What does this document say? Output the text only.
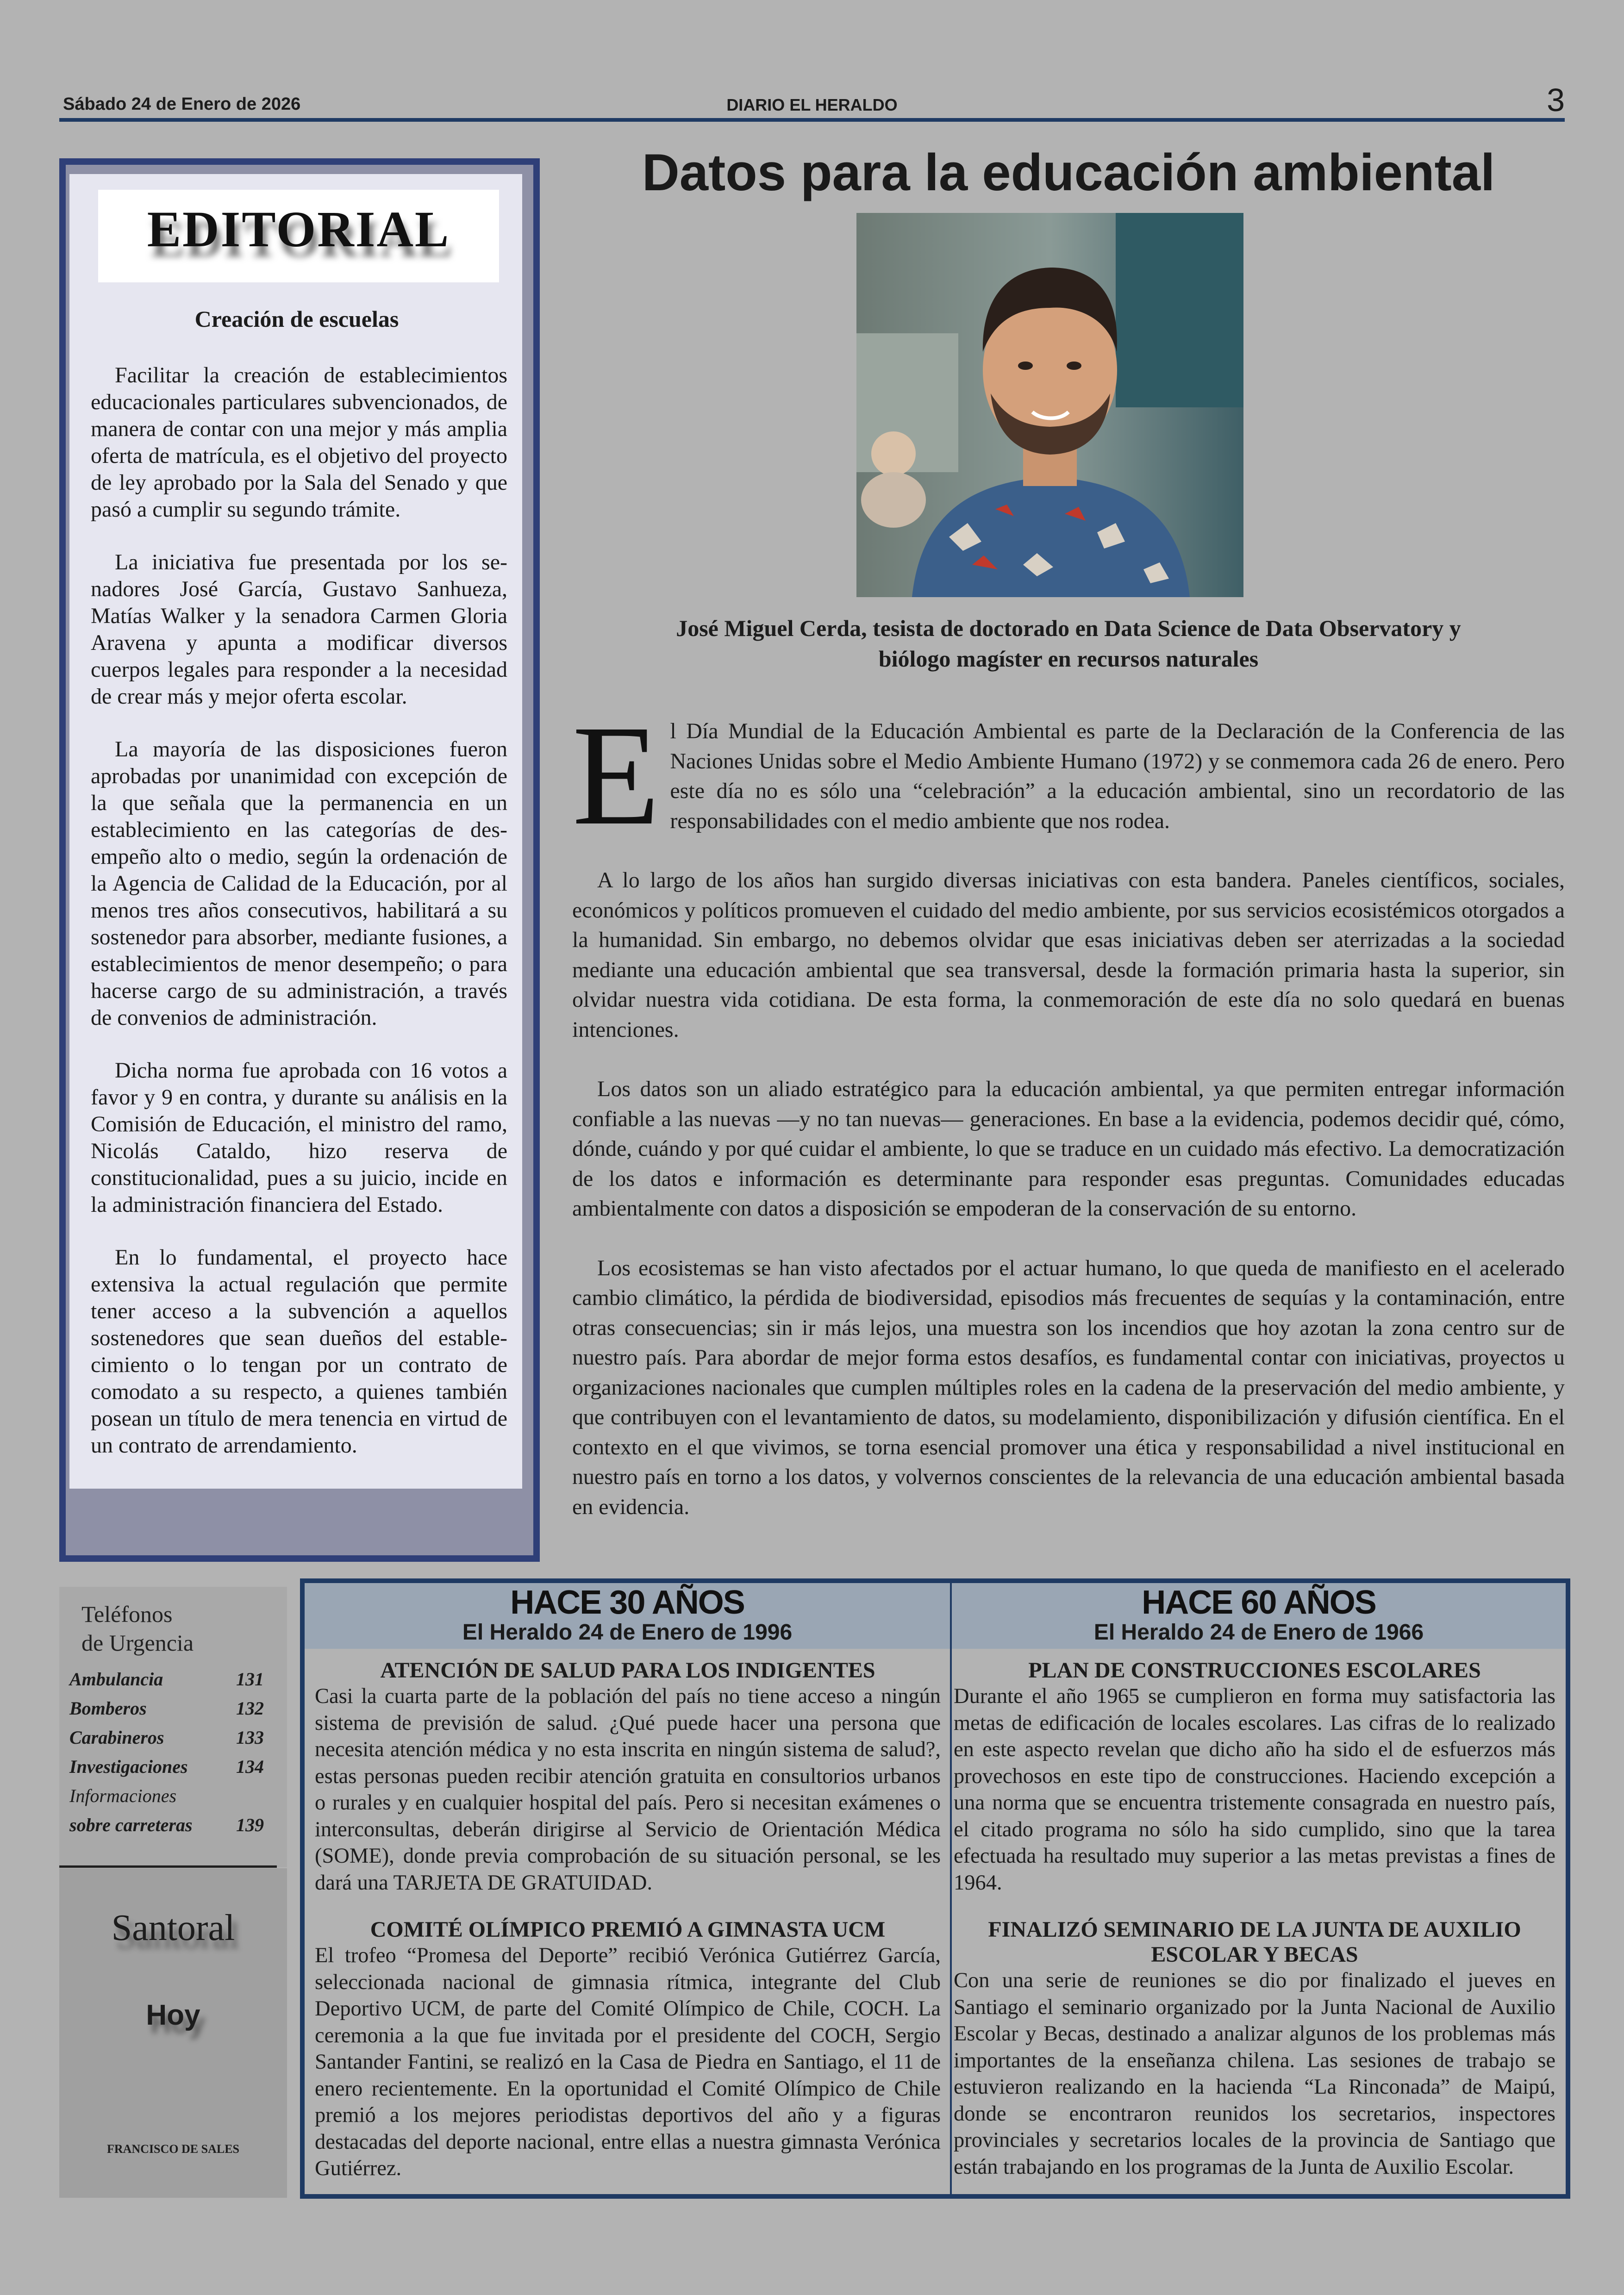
Sábado 24 de Enero de 2026	DIARIO EL HERALDO	3
EDITORIAL
Creación de escuelas

Facilitar la creación de establecimientos educacionales particulares subvencionados, de manera de contar con una mejor y más amplia oferta de matrícula, es el objetivo del proyecto de ley aprobado por la Sala del Senado y que pasó a cumplir su segundo trámite.

La iniciativa fue presentada por los senadores José García, Gustavo Sanhueza, Matías Walker y la senadora Carmen Gloria Aravena y apunta a modificar diversos cuerpos legales para responder a la necesidad de crear más y mejor oferta escolar.

La mayoría de las disposiciones fueron aprobadas por unanimidad con excepción de la que señala que la permanencia en un establecimiento en las categorías de desempeño alto o medio, según la ordenación de la Agencia de Calidad de la Educación, por al menos tres años consecutivos, habilitará a su sostenedor para absorber, mediante fusiones, a establecimientos de menor desempeño; o para hacerse cargo de su administración, a través de convenios de administración.

Dicha norma fue aprobada con 16 votos a favor y 9 en contra, y durante su análisis en la Comisión de Educación, el ministro del ramo, Nicolás Cataldo, hizo reserva de constitucionalidad, pues a su juicio, incide en la administración financiera del Estado.

En lo fundamental, el proyecto hace extensiva la actual regulación que permite tener acceso a la subvención a aquellos sostenedores que sean dueños del establecimiento o lo tengan por un contrato de comodato a su respecto, a quienes también posean un título de mera tenencia en virtud de un contrato de arrendamiento.

Datos para la educación ambiental
José Miguel Cerda, tesista de doctorado en Data Science de Data Observatory y biólogo magíster en recursos naturales

El Día Mundial de la Educación Ambiental es parte de la Declaración de la Conferencia de las Naciones Unidas sobre el Medio Ambiente Humano (1972) y se conmemora cada 26 de enero. Pero este día no es sólo una “celebración” a la educación ambiental, sino un recordatorio de las responsabilidades con el medio ambiente que nos rodea.

A lo largo de los años han surgido diversas iniciativas con esta bandera. Paneles científicos, sociales, económicos y políticos promueven el cuidado del medio ambiente, por sus servicios ecosistémicos otorgados a la humanidad. Sin embargo, no debemos olvidar que esas iniciativas deben ser aterrizadas a la sociedad mediante una educación ambiental que sea transversal, desde la formación primaria hasta la superior, sin olvidar nuestra vida cotidiana. De esta forma, la conmemoración de este día no solo quedará en buenas intenciones.

Los datos son un aliado estratégico para la educación ambiental, ya que permiten entregar información confiable a las nuevas —y no tan nuevas— generaciones. En base a la evidencia, podemos decidir qué, cómo, dónde, cuándo y por qué cuidar el ambiente, lo que se traduce en un cuidado más efectivo. La democratización de los datos e información es determinante para responder esas preguntas. Comunidades educadas ambientalmente con datos a disposición se empoderan de la conservación de su entorno.

Los ecosistemas se han visto afectados por el actuar humano, lo que queda de manifiesto en el acelerado cambio climático, la pérdida de biodiversidad, episodios más frecuentes de sequías y la contaminación, entre otras consecuencias; sin ir más lejos, una muestra son los incendios que hoy azotan la zona centro sur de nuestro país. Para abordar de mejor forma estos desafíos, es fundamental contar con iniciativas, proyectos u organizaciones nacionales que cumplen múltiples roles en la cadena de la preservación del medio ambiente, y que contribuyen con el levantamiento de datos, su modelamiento, disponibilización y difusión científica. En el contexto en el que vivimos, se torna esencial promover una ética y responsabilidad a nivel institucional en nuestro país en torno a los datos, y volvernos conscientes de la relevancia de una educación ambiental basada en evidencia.

Teléfonos
de Urgencia
Ambulancia	131
Bomberos	132
Carabineros	133
Investigaciones	134
Informaciones
sobre carreteras 139
Santoral
Hoy
FRANCISCO DE SALES
HACE 30 AÑOS
El Heraldo 24 de Enero de 1996
HACE 60 AÑOS
El Heraldo 24 de Enero de 1966
ATENCIÓN DE SALUD PARA LOS INDIGENTES

Casi la cuarta parte de la población del país no tiene acceso a ningún sistema de previsión de salud. ¿Qué puede hacer una persona que necesita atención médica y no esta inscrita en ningún sistema de salud?, estas personas pueden recibir atención gratuita en consultorios urbanos o rurales y en cualquier hospital del país. Pero si necesitan exámenes o interconsultas, deberán dirigirse al Servicio de Orientación Médica (SOME), donde previa comprobación de su situación personal, se les dará una TARJETA DE GRATUIDAD.

COMITÉ OLÍMPICO PREMIÓ A GIMNASTA UCM

El trofeo “Promesa del Deporte” recibió Verónica Gutiérrez García, seleccionada nacional de gimnasia rítmica, integrante del Club Deportivo UCM, de parte del Comité Olímpico de Chile, COCH. La ceremonia a la que fue invitada por el presidente del COCH, Sergio Santander Fantini, se realizó en la Casa de Piedra en Santiago, el 11 de enero recientemente. En la oportunidad el Comité Olímpico de Chile premió a los mejores periodistas deportivos del año y a figuras destacadas del deporte nacional, entre ellas a nuestra gimnasta Verónica Gutiérrez.

PLAN DE CONSTRUCCIONES ESCOLARES

Durante el año 1965 se cumplieron en forma muy satisfactoria las metas de edificación de locales escolares. Las cifras de lo realizado en este aspecto revelan que dicho año ha sido el de esfuerzos más provechosos en este tipo de construcciones. Haciendo excepción a una norma que se encuentra tristemente consagrada en nuestro país, el citado programa no sólo ha sido cumplido, sino que la tarea efectuada ha resultado muy superior a las metas previstas a fines de 1964.

FINALIZÓ SEMINARIO DE LA JUNTA DE AUXILIO ESCOLAR Y BECAS

Con una serie de reuniones se dio por finalizado el jueves en Santiago el seminario organizado por la Junta Nacional de Auxilio Escolar y Becas, destinado a analizar algunos de los problemas más importantes de la enseñanza chilena. Las sesiones de trabajo se estuvieron realizando en la hacienda “La Rinconada” de Maipú, donde se encontraron reunidos los secretarios, inspectores provinciales y secretarios locales de la provincia de Santiago que están trabajando en los programas de la Junta de Auxilio Escolar.
